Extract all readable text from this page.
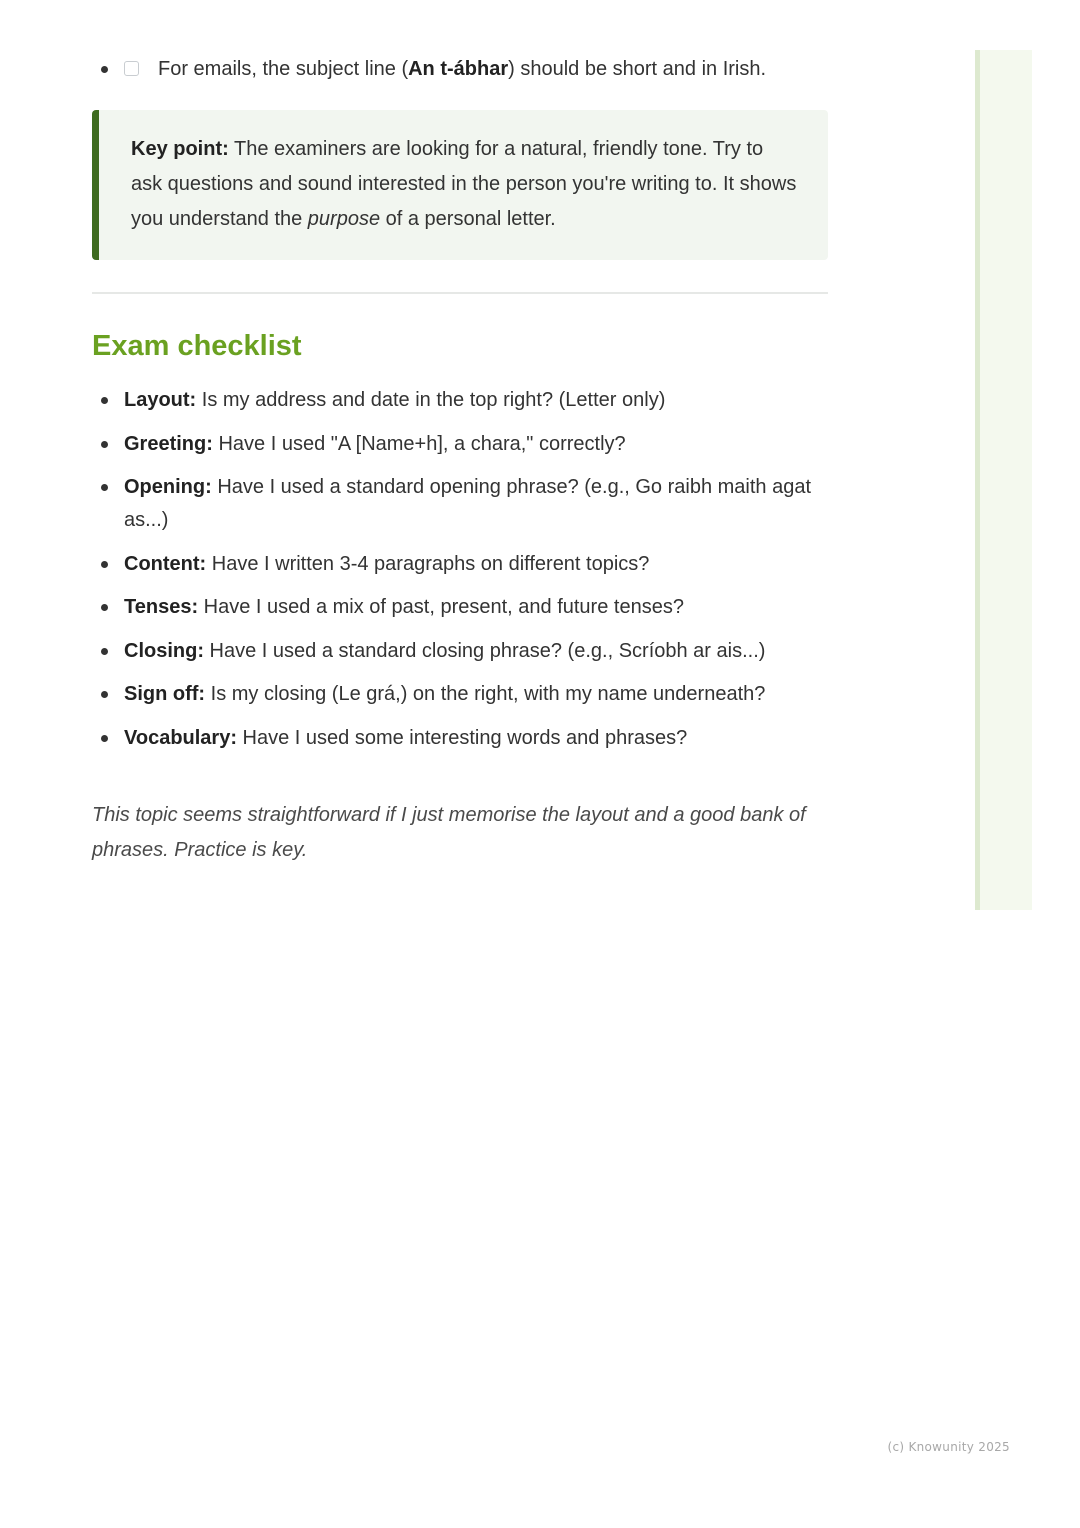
For emails, the subject line (An t-ábhar) should be short and in Irish.
Key point: The examiners are looking for a natural, friendly tone. Try to ask questions and sound interested in the person you're writing to. It shows you understand the purpose of a personal letter.
Exam checklist
Layout: Is my address and date in the top right? (Letter only)
Greeting: Have I used "A [Name+h], a chara," correctly?
Opening: Have I used a standard opening phrase? (e.g., Go raibh maith agat as...)
Content: Have I written 3-4 paragraphs on different topics?
Tenses: Have I used a mix of past, present, and future tenses?
Closing: Have I used a standard closing phrase? (e.g., Scríobh ar ais...)
Sign off: Is my closing (Le grá,) on the right, with my name underneath?
Vocabulary: Have I used some interesting words and phrases?

This topic seems straightforward if I just memorise the layout and a good bank of phrases. Practice is key.

(c) Knowunity 2025
